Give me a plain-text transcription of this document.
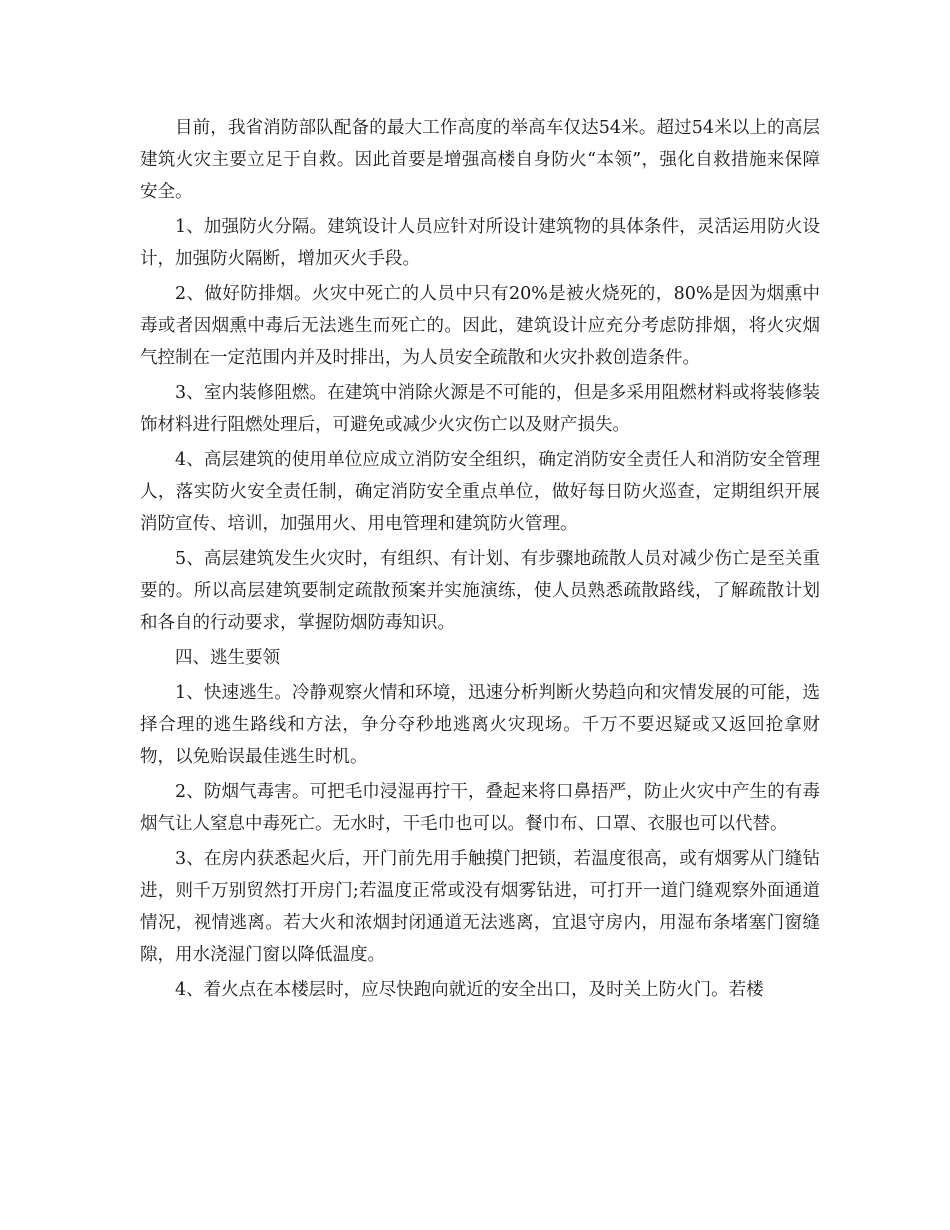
目前，我省消防部队配备的最大工作高度的举高车仅达54米。超过54米以上的高层建筑火灾主要立足于自救。因此首要是增强高楼自身防火“本领”，强化自救措施来保障安全。

1、加强防火分隔。建筑设计人员应针对所设计建筑物的具体条件，灵活运用防火设计，加强防火隔断，增加灭火手段。

2、做好防排烟。火灾中死亡的人员中只有20%是被火烧死的，80%是因为烟熏中毒或者因烟熏中毒后无法逃生而死亡的。因此，建筑设计应充分考虑防排烟，将火灾烟气控制在一定范围内并及时排出，为人员安全疏散和火灾扑救创造条件。

3、室内装修阻燃。在建筑中消除火源是不可能的，但是多采用阻燃材料或将装修装饰材料进行阻燃处理后，可避免或减少火灾伤亡以及财产损失。

4、高层建筑的使用单位应成立消防安全组织，确定消防安全责任人和消防安全管理人，落实防火安全责任制，确定消防安全重点单位，做好每日防火巡查，定期组织开展消防宣传、培训，加强用火、用电管理和建筑防火管理。

5、高层建筑发生火灾时，有组织、有计划、有步骤地疏散人员对减少伤亡是至关重要的。所以高层建筑要制定疏散预案并实施演练，使人员熟悉疏散路线，了解疏散计划和各自的行动要求，掌握防烟防毒知识。

四、逃生要领

1、快速逃生。冷静观察火情和环境，迅速分析判断火势趋向和灾情发展的可能，选择合理的逃生路线和方法，争分夺秒地逃离火灾现场。千万不要迟疑或又返回抢拿财物，以免贻误最佳逃生时机。

2、防烟气毒害。可把毛巾浸湿再拧干，叠起来将口鼻捂严，防止火灾中产生的有毒烟气让人窒息中毒死亡。无水时，干毛巾也可以。餐巾布、口罩、衣服也可以代替。

3、在房内获悉起火后，开门前先用手触摸门把锁，若温度很高，或有烟雾从门缝钻进，则千万别贸然打开房门;若温度正常或没有烟雾钻进，可打开一道门缝观察外面通道情况，视情逃离。若大火和浓烟封闭通道无法逃离，宜退守房内，用湿布条堵塞门窗缝隙，用水浇湿门窗以降低温度。

4、着火点在本楼层时，应尽快跑向就近的安全出口，及时关上防火门。若楼
